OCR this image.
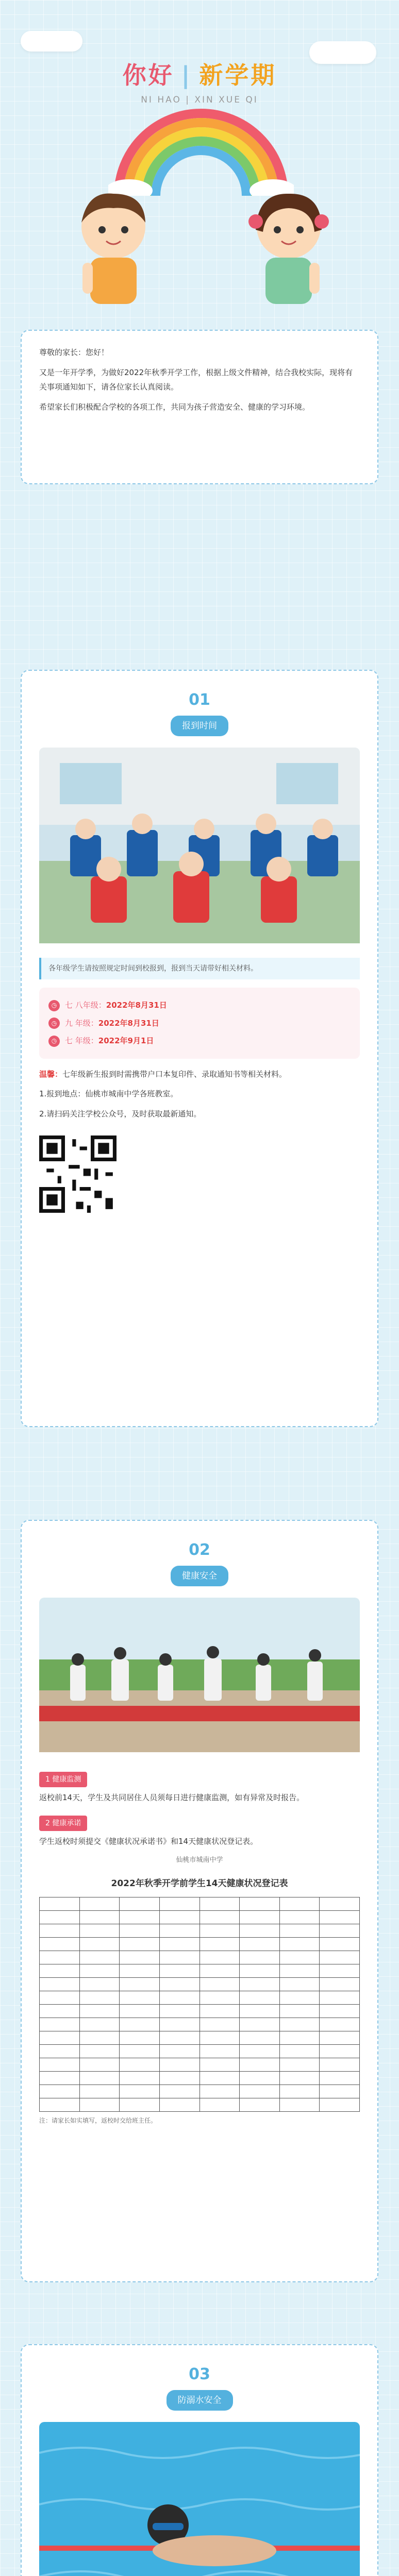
你好 | 新学期
NI HAO | XIN XUE QI

尊敬的家长：您好！

又是一年开学季，为做好2022年秋季开学工作，根据上级文件精神，结合我校实际，现将有关事项通知如下，请各位家长认真阅读。

希望家长们积极配合学校的各项工作，共同为孩子营造安全、健康的学习环境。

01
报到时间
各年级学生请按照规定时间到校报到，报到当天请带好相关材料。
◷	七 八年级： 2022年8月31日
◷	九 年级： 2022年8月31日
◷	七 年级： 2022年9月1日

温馨：七年级新生报到时需携带户口本复印件、录取通知书等相关材料。

1.报到地点：仙桃市城南中学各班教室。

2.请扫码关注学校公众号，及时获取最新通知。

02
健康安全
1 健康监测

返校前14天，学生及共同居住人员须每日进行健康监测，如有异常及时报告。

2 健康承诺

学生返校时须提交《健康状况承诺书》和14天健康状况登记表。

仙桃市城南中学
2022年秋季开学前学生14天健康状况登记表

注：请家长如实填写，返校时交给班主任。
03
防溺水安全
